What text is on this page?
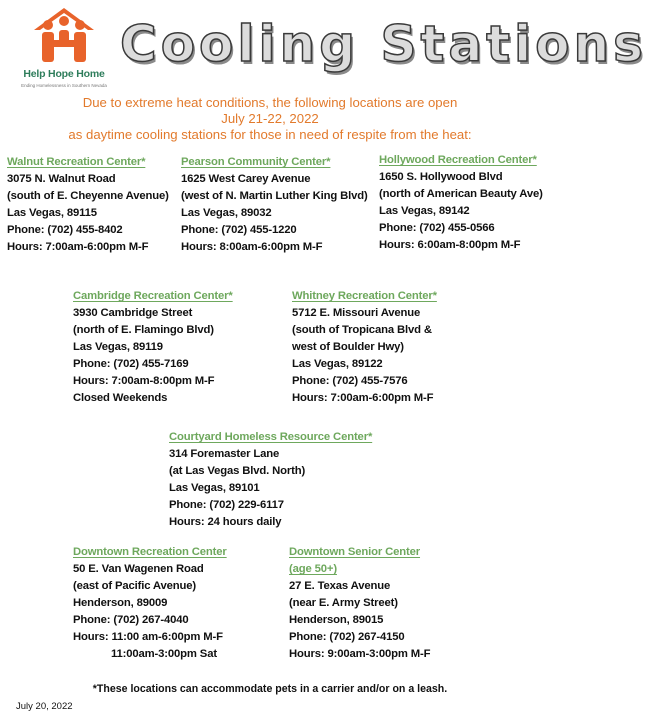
Help Hope Home
Ending Homelessness in Southern Nevada
Cooling Stations
Due to extreme heat conditions, the following locations are open
July 21-22, 2022
as daytime cooling stations for those in need of respite from the heat:
Walnut Recreation Center*
3075 N. Walnut Road
(south of E. Cheyenne Avenue)
Las Vegas, 89115
Phone: (702) 455-8402
Hours: 7:00am-6:00pm M-F
Pearson Community Center*
1625 West Carey Avenue
(west of N. Martin Luther King Blvd)
Las Vegas, 89032
Phone: (702) 455-1220
Hours: 8:00am-6:00pm M-F
Hollywood Recreation Center*
1650 S. Hollywood Blvd
(north of American Beauty Ave)
Las Vegas, 89142
Phone: (702) 455-0566
Hours: 6:00am-8:00pm M-F
Cambridge Recreation Center*
3930 Cambridge Street
(north of E. Flamingo Blvd)
Las Vegas, 89119
Phone: (702) 455-7169
Hours: 7:00am-8:00pm M-F
Closed Weekends
Whitney Recreation Center*
5712 E. Missouri Avenue
(south of Tropicana Blvd &
west of Boulder Hwy)
Las Vegas, 89122
Phone: (702) 455-7576
Hours: 7:00am-6:00pm M-F
Courtyard Homeless Resource Center*
314 Foremaster Lane
(at Las Vegas Blvd. North)
Las Vegas, 89101
Phone: (702) 229-6117
Hours: 24 hours daily
Downtown Recreation Center
50 E. Van Wagenen Road
(east of Pacific Avenue)
Henderson, 89009
Phone: (702) 267-4040
Hours: 11:00 am-6:00pm M-F
11:00am-3:00pm Sat
Downtown Senior Center
(age 50+)
27 E. Texas Avenue
(near E. Army Street)
Henderson, 89015
Phone: (702) 267-4150
Hours: 9:00am-3:00pm M-F
*These locations can accommodate pets in a carrier and/or on a leash.
July 20, 2022
